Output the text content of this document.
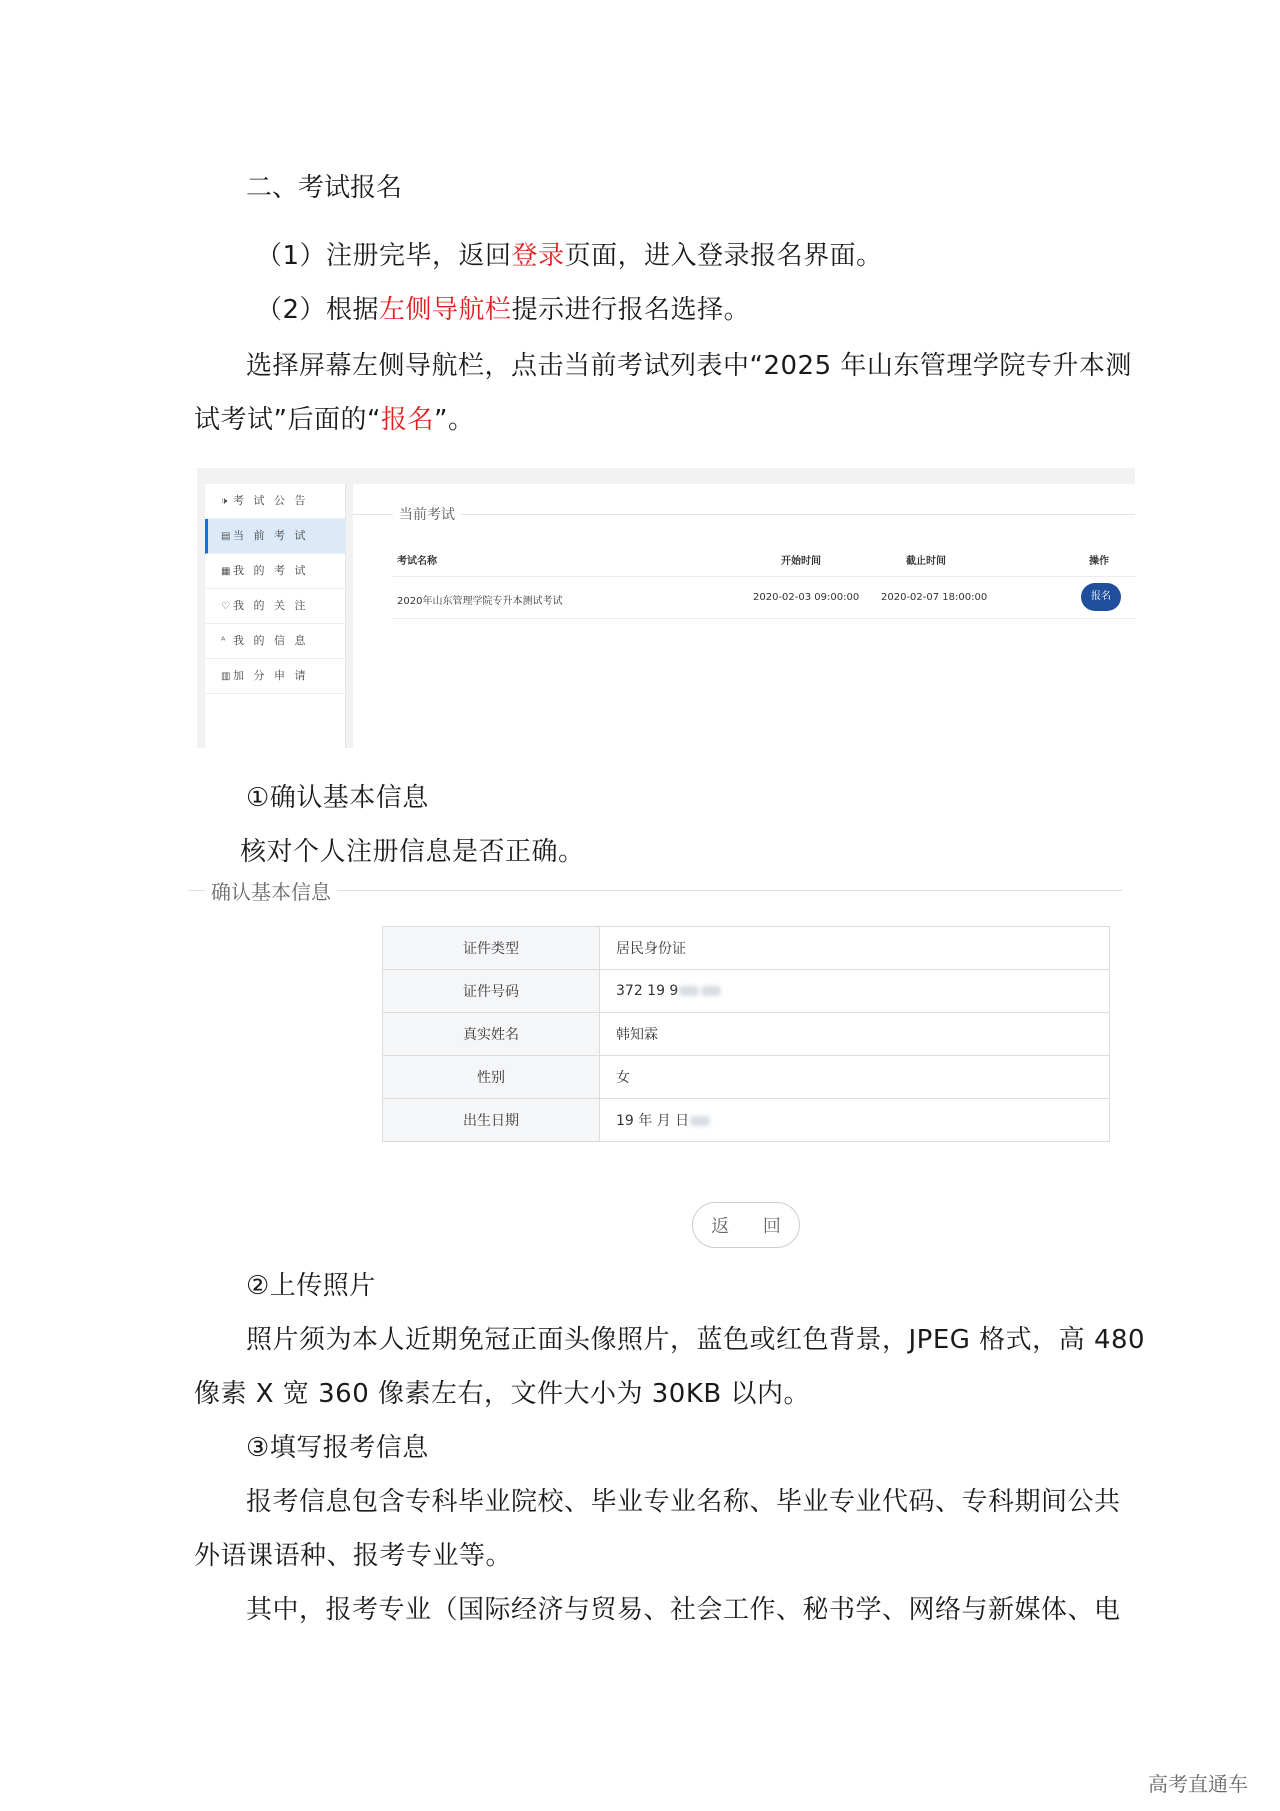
二、考试报名
（1）注册完毕，返回登录页面，进入登录报名界面。
（2）根据左侧导航栏提示进行报名选择。
选择屏幕左侧导航栏，点击当前考试列表中“2025 年山东管理学院专升本测
试考试”后面的“报名”。
🕩 考 试 公 告
▤ 当 前 考 试
▦ 我 的 考 试
♡ 我 的 关 注
ᴬ 我 的 信 息
▥ 加 分 申 请
当前考试
考试名称	开始时间	截止时间	操作
2020年山东管理学院专升本测试考试	2020-02-03 09:00:00 2020-02-07 18:00:00	报名
①确认基本信息
核对个人注册信息是否正确。
确认基本信息
证件类型	居民身份证
证件号码	372 19 9
真实姓名	韩知霖
性别	女
出生日期	19 年 月 日
返 回
②上传照片
照片须为本人近期免冠正面头像照片，蓝色或红色背景，JPEG 格式，高 480
像素 X 宽 360 像素左右，文件大小为 30KB 以内。
③填写报考信息
报考信息包含专科毕业院校、毕业专业名称、毕业专业代码、专科期间公共
外语课语种、报考专业等。
其中，报考专业（国际经济与贸易、社会工作、秘书学、网络与新媒体、电
高考直通车
